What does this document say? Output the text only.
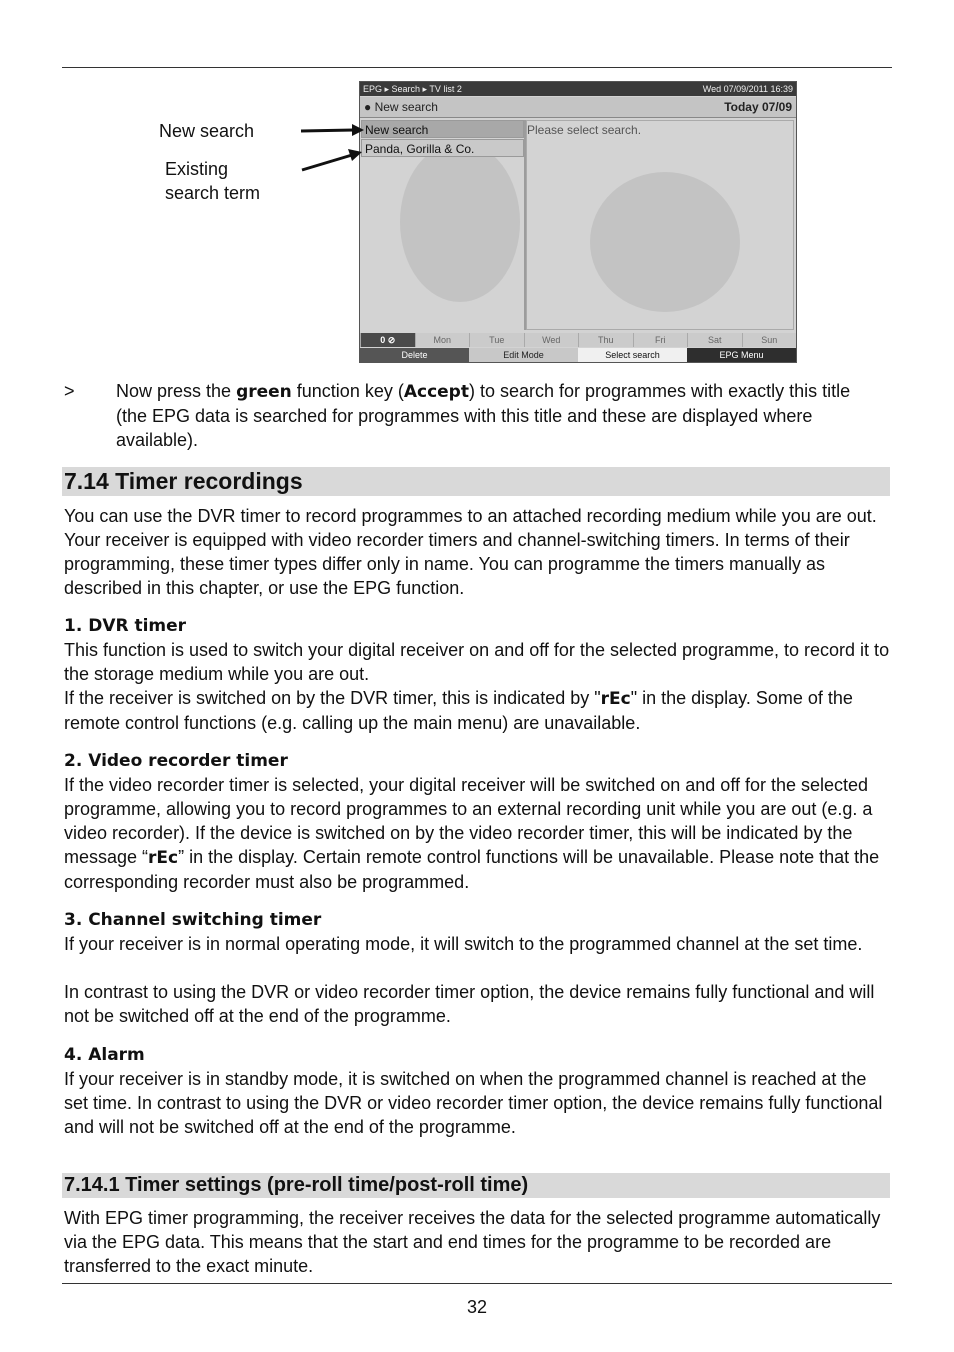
EPG ▸ Search ▸ TV list 2	Wed 07/09/2011 16:39
● New search	Today 07/09
New search
Panda, Gorilla & Co.
Please select search.
0 ⊘	Mon	Tue	Wed	Thu	Fri	Sat	Sun
Delete	Edit Mode	Select search	EPG Menu
New search
Existing
search term
> Now press the green function key (Accept) to search for programmes with exactly this title (the EPG data is searched for programmes with this title and these are displayed where available).
7.14 Timer recordings

You can use the DVR timer to record programmes to an attached recording medium while you are out. Your receiver is equipped with video recorder timers and channel-switching timers. In terms of their programming, these timer types differ only in name. You can programme the timers manually as described in this chapter, or use the EPG function.

1. DVR timer

This function is used to switch your digital receiver on and off for the selected programme, to record it to the storage medium while you are out.

If the receiver is switched on by the DVR timer, this is indicated by "rEc" in the display. Some of the remote control functions (e.g. calling up the main menu) are unavailable.

2. Video recorder timer

If the video recorder timer is selected, your digital receiver will be switched on and off for the selected programme, allowing you to record programmes to an external recording unit while you are out (e.g. a video recorder). If the device is switched on by the video recorder timer, this will be indicated by the message “rEc” in the display. Certain remote control functions will be unavailable. Please note that the corresponding recorder must also be programmed.

3. Channel switching timer

If your receiver is in normal operating mode, it will switch to the programmed channel at the set time.

In contrast to using the DVR or video recorder timer option, the device remains fully functional and will not be switched off at the end of the programme.

4. Alarm

If your receiver is in standby mode, it is switched on when the programmed channel is reached at the set time. In contrast to using the DVR or video recorder timer option, the device remains fully functional and will not be switched off at the end of the programme.

7.14.1 Timer settings (pre-roll time/post-roll time)

With EPG timer programming, the receiver receives the data for the selected programme automatically via the EPG data. This means that the start and end times for the programme to be recorded are transferred to the exact minute.

32
